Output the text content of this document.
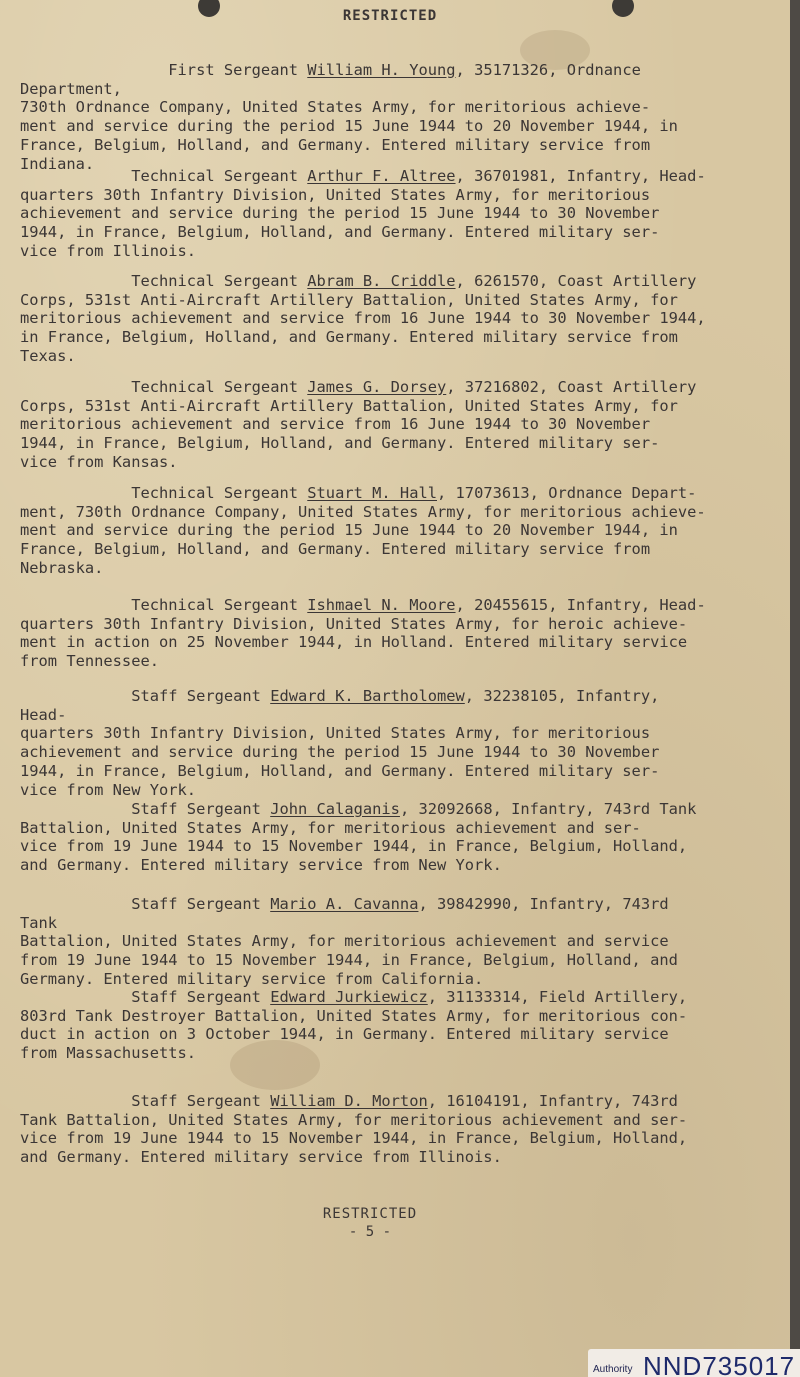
RESTRICTED

First Sergeant William H. Young, 35171326, Ordnance Department,
730th Ordnance Company, United States Army, for meritorious achieve-
ment and service during the period 15 June 1944 to 20 November 1944, in
France, Belgium, Holland, and Germany. Entered military service from
Indiana.

Technical Sergeant Arthur F. Altree, 36701981, Infantry, Head-
quarters 30th Infantry Division, United States Army, for meritorious
achievement and service during the period 15 June 1944 to 30 November
1944, in France, Belgium, Holland, and Germany. Entered military ser-
vice from Illinois.

Technical Sergeant Abram B. Criddle, 6261570, Coast Artillery
Corps, 531st Anti-Aircraft Artillery Battalion, United States Army, for
meritorious achievement and service from 16 June 1944 to 30 November 1944,
in France, Belgium, Holland, and Germany. Entered military service from
Texas.

Technical Sergeant James G. Dorsey, 37216802, Coast Artillery
Corps, 531st Anti-Aircraft Artillery Battalion, United States Army, for
meritorious achievement and service from 16 June 1944 to 30 November
1944, in France, Belgium, Holland, and Germany. Entered military ser-
vice from Kansas.

Technical Sergeant Stuart M. Hall, 17073613, Ordnance Depart-
ment, 730th Ordnance Company, United States Army, for meritorious achieve-
ment and service during the period 15 June 1944 to 20 November 1944, in
France, Belgium, Holland, and Germany. Entered military service from
Nebraska.

Technical Sergeant Ishmael N. Moore, 20455615, Infantry, Head-
quarters 30th Infantry Division, United States Army, for heroic achieve-
ment in action on 25 November 1944, in Holland. Entered military service
from Tennessee.

Staff Sergeant Edward K. Bartholomew, 32238105, Infantry, Head-
quarters 30th Infantry Division, United States Army, for meritorious
achievement and service during the period 15 June 1944 to 30 November
1944, in France, Belgium, Holland, and Germany. Entered military ser-
vice from New York.

Staff Sergeant John Calaganis, 32092668, Infantry, 743rd Tank
Battalion, United States Army, for meritorious achievement and ser-
vice from 19 June 1944 to 15 November 1944, in France, Belgium, Holland,
and Germany. Entered military service from New York.

Staff Sergeant Mario A. Cavanna, 39842990, Infantry, 743rd Tank
Battalion, United States Army, for meritorious achievement and service
from 19 June 1944 to 15 November 1944, in France, Belgium, Holland, and
Germany. Entered military service from California.

Staff Sergeant Edward Jurkiewicz, 31133314, Field Artillery,
803rd Tank Destroyer Battalion, United States Army, for meritorious con-
duct in action on 3 October 1944, in Germany. Entered military service
from Massachusetts.

Staff Sergeant William D. Morton, 16104191, Infantry, 743rd
Tank Battalion, United States Army, for meritorious achievement and ser-
vice from 19 June 1944 to 15 November 1944, in France, Belgium, Holland,
and Germany. Entered military service from Illinois.

RESTRICTED
- 5 -
Authority NND735017
